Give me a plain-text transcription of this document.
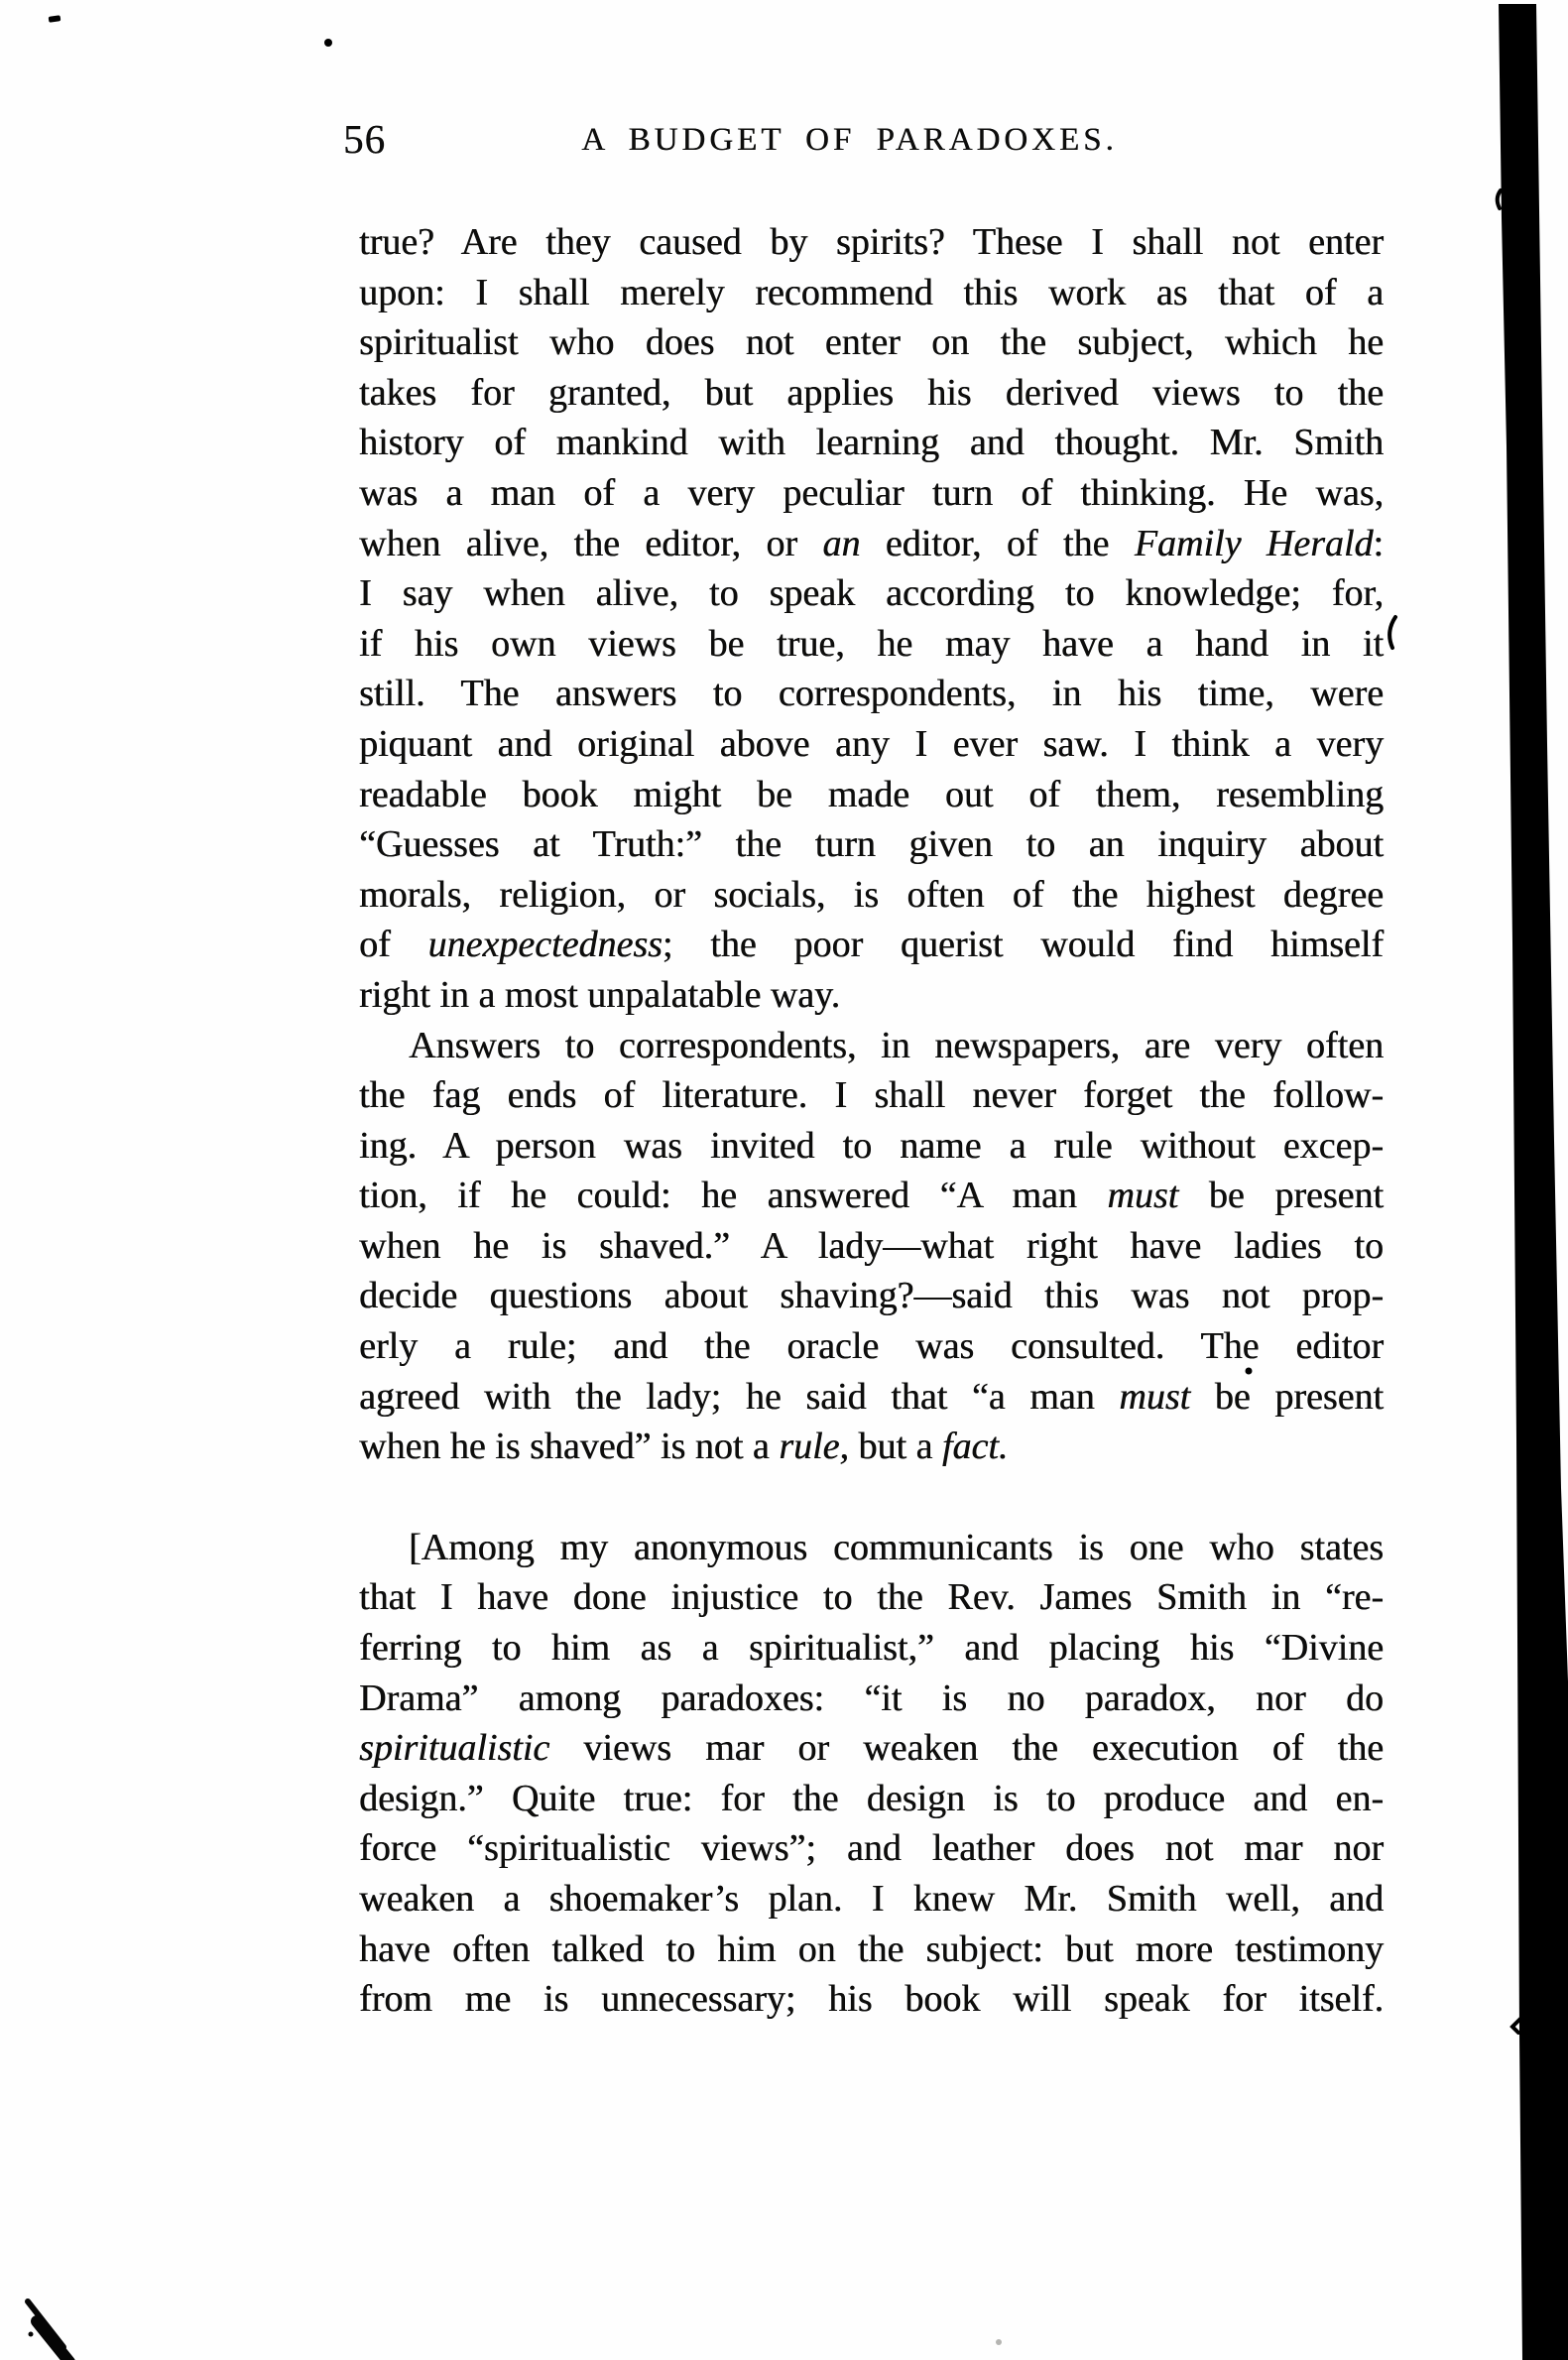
56	A BUDGET OF PARADOXES.
true? Are they caused by spirits? These I shall not enter
upon: I shall merely recommend this work as that of a
spiritualist who does not enter on the subject, which he
takes for granted, but applies his derived views to the
history of mankind with learning and thought. Mr. Smith
was a man of a very peculiar turn of thinking. He was,
when alive, the editor, or an editor, of the Family Herald:
I say when alive, to speak according to knowledge; for,
if his own views be true, he may have a hand in it
still. The answers to correspondents, in his time, were
piquant and original above any I ever saw. I think a very
readable book might be made out of them, resembling
“Guesses at Truth:” the turn given to an inquiry about
morals, religion, or socials, is often of the highest degree
of unexpectedness; the poor querist would find himself
right in a most unpalatable way.
Answers to correspondents, in newspapers, are very often
the fag ends of literature. I shall never forget the follow-
ing. A person was invited to name a rule without excep-
tion, if he could: he answered “A man must be present
when he is shaved.” A lady—what right have ladies to
decide questions about shaving?—said this was not prop-
erly a rule; and the oracle was consulted. The editor
agreed with the lady; he said that “a man must be present
when he is shaved” is not a rule, but a fact.
[Among my anonymous communicants is one who states
that I have done injustice to the Rev. James Smith in “re-
ferring to him as a spiritualist,” and placing his “Divine
Drama” among paradoxes: “it is no paradox, nor do
spiritualistic views mar or weaken the execution of the
design.” Quite true: for the design is to produce and en-
force “spiritualistic views”; and leather does not mar nor
weaken a shoemaker’s plan. I knew Mr. Smith well, and
have often talked to him on the subject: but more testimony
from me is unnecessary; his book will speak for itself.
